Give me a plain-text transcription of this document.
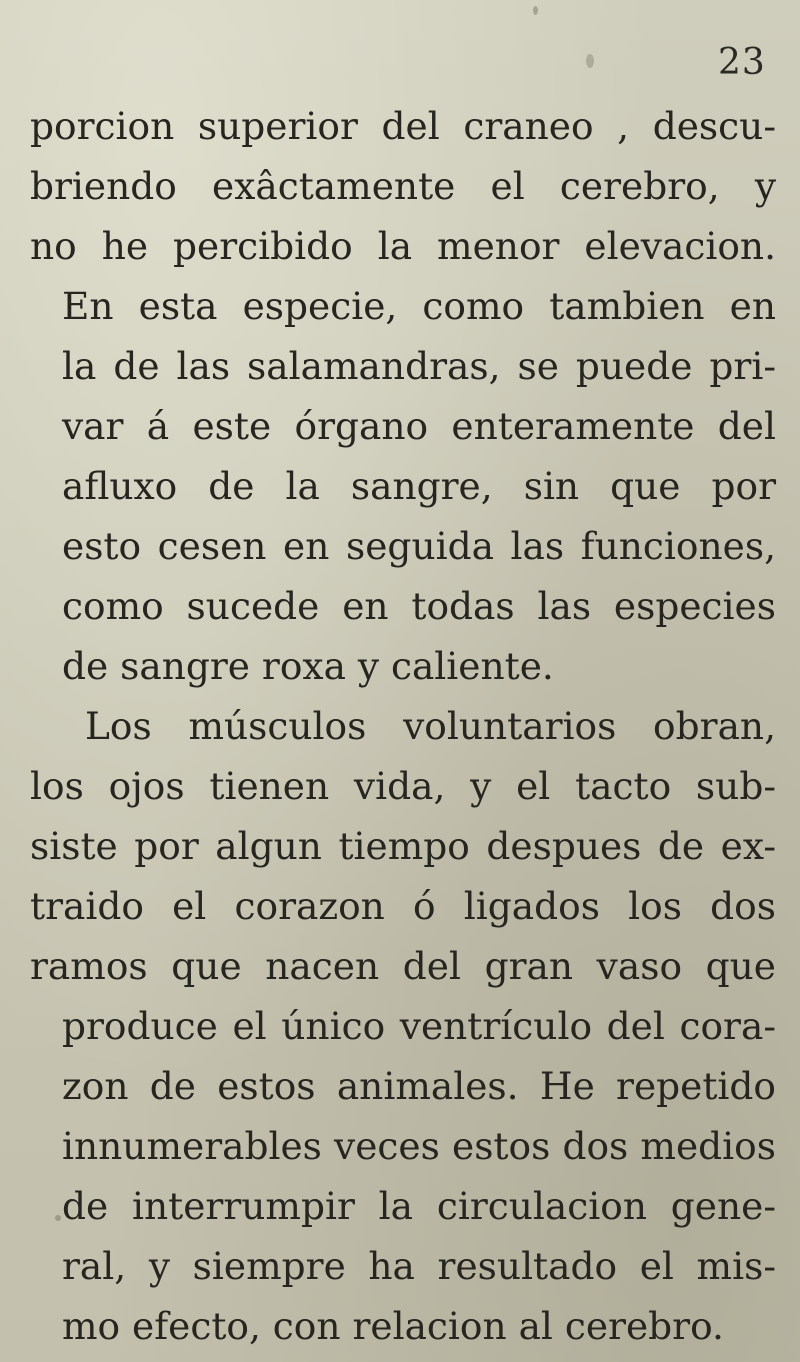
23
porcion superior del craneo , descu-
briendo exâctamente el cerebro, y
no he percibido la menor elevacion.
En esta especie, como tambien en
la de las salamandras, se puede pri-
var á este órgano enteramente del
afluxo de la sangre, sin que por
esto cesen en seguida las funciones,
como sucede en todas las especies
de sangre roxa y caliente.
Los músculos voluntarios obran,
los ojos tienen vida, y el tacto sub-
siste por algun tiempo despues de ex-
traido el corazon ó ligados los dos
ramos que nacen del gran vaso que
produce el único ventrículo del cora-
zon de estos animales. He repetido
innumerables veces estos dos medios
de interrumpir la circulacion gene-
ral, y siempre ha resultado el mis-
mo efecto, con relacion al cerebro.
